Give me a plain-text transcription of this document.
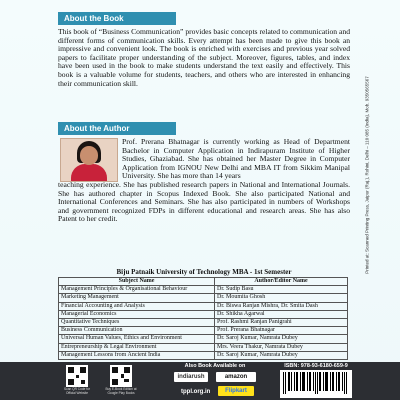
About the Book

This book of “Business Communication” provides basic concepts related to communication and different forms of communication skills. Every attempt has been made to give this book an impressive and convenient look. The book is enriched with exercises and previous year solved papers to facilitate proper understanding of the subject. Moreover, figures, tables, and index have been used in the book to make students understand the text easily and effectively. This book is a valuable volume for students, teachers, and others who are interested in enhancing their communication skill.

About the Author

Prof. Prerana Bhatnagar is currently working as Head of Department Bachelor in Computer Application in Indirapuram Institute of Higher Studies, Ghaziabad. She has obtained her Master Degree in Computer Application from IGNOU New Delhi and MBA IT from Sikkim Manipal University. She has more than 14 years

teaching experience. She has published research papers in National and International Journals. She has authored chapter in Scopus Indexed Book. She also participated National and International Conferences and Seminars. She has also participated in numbers of Workshops and government recognized FDPs in different educational and research areas. She has also Patent to her credit.	Printed at: Scanned Printing Press, Jaipur (Raj.), Rohini, Delhi – 110 085 (India), Mob. 9350565567
Biju Patnaik University of Technology MBA - 1st Semester
Subject Name	Author/Editor Name
Management Principles & Organisational Behaviour	Dr. Sudip Basu
Marketing Management	Dr. Moumita Ghosh
Financial Accounting and Analysis	Dr. Biswa Ranjan Mishra, Dr. Smita Dash
Managerial Economics	Dr. Shikha Agarwal
Quantitative Techniques	Prof. Rashmi Ranjan Panigrahi
Business Communication	Prof. Prerana Bhatnagar
Universal Human Values, Ethics and Environment	Dr. Saroj Kumar, Namrata Dubey
Entrepreneurship & Legal Environment	Mrs. Veera Thakur, Namrata Dubey
Management Lessons from Ancient India	Dr. Saroj Kumar, Namrata Dubey
Scan QR Code for Official Website
Buy E-Book Edition at Google Play Books
Also Book Available on
indiarush	amazon
tppl.org.in	Flipkart
ISBN: 978-93-6180-659-9
